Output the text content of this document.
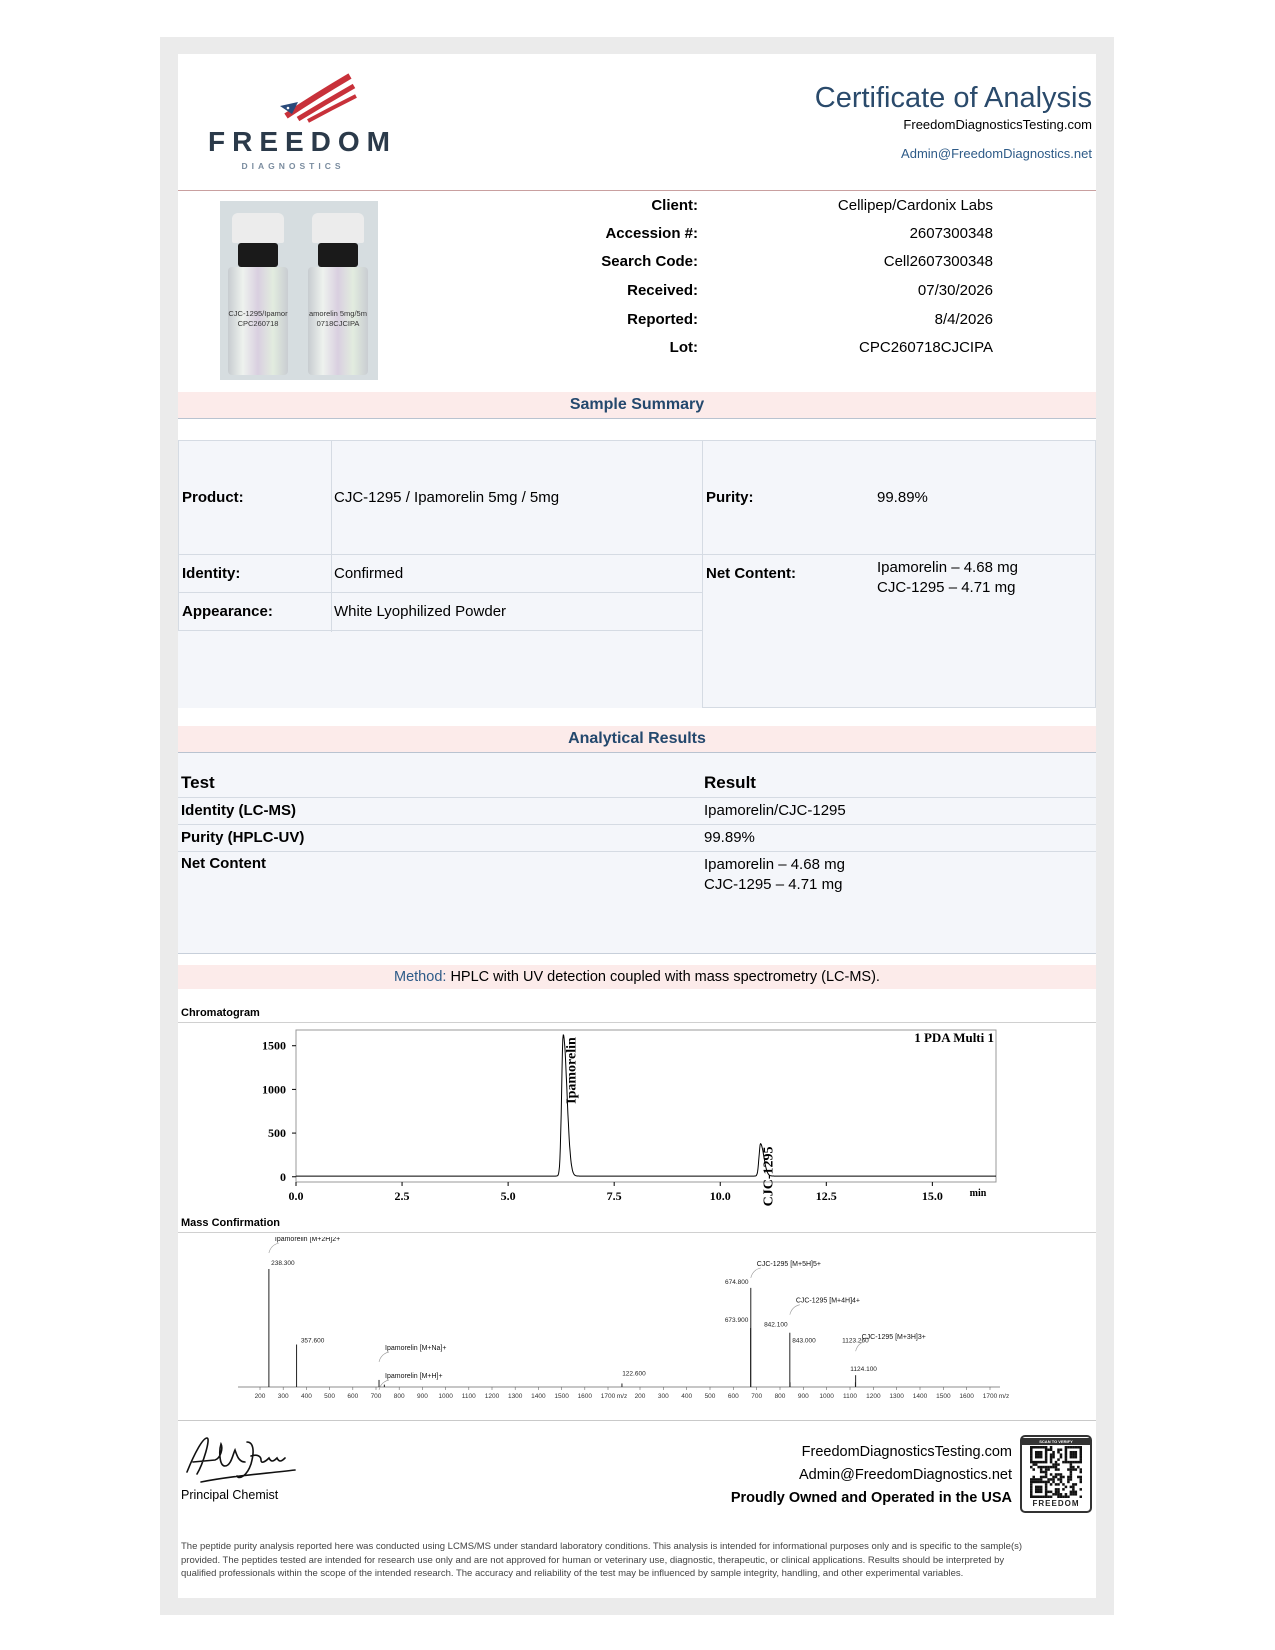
FREEDOM
DIAGNOSTICS
Certificate of Analysis
FreedomDiagnosticsTesting.com
Admin@FreedomDiagnostics.net
CJC-1295/Ipamor
CPC260718
amorelin 5mg/5m
0718CJCIPA
Client:	Cellipep/Cardonix Labs
Accession #:	2607300348
Search Code:	Cell2607300348
Received:	07/30/2026
Reported:	8/4/2026
Lot:	CPC260718CJCIPA
Sample Summary
Product:	CJC-1295 / Ipamorelin 5mg / 5mg	Purity:	99.89%
Identity:	Confirmed
Appearance:	White Lyophilized Powder
Net Content:	Ipamorelin – 4.68 mg
CJC-1295 – 4.71 mg
Analytical Results
Test	Result
Identity (LC-MS)	Ipamorelin/CJC-1295
Purity (HPLC-UV)	99.89%
Net Content	Ipamorelin – 4.68 mg
CJC-1295 – 4.71 mg
Method: HPLC with UV detection coupled with mass spectrometry (LC-MS).
Chromatogram
0
500
1000
1500
0.0	2.5	5.0	7.5	10.0	12.5	15.0
Ipamorelin
CJC-1295
1 PDA Multi 1
min
Mass Confirmation
200 300 400 500 600 700 800 900 1000 1100 1200 1300 1400 1500 1600 1700 m/z
238.300
357.600
Ipamorelin [M+2H]2+
Ipamorelin [M+Na]+
Ipamorelin [M+H]+
200 300 400 500 600 700 800 900 1000 1100 1200 1300 1400 1500 1600 1700 m/z
122.600
674.800
673.900
842.100
843.000	1123.260
1124.100
CJC-1295 [M+5H]5+
CJC-1295 [M+4H]4+
CJC-1295 [M+3H]3+
Principal Chemist
FreedomDiagnosticsTesting.com
Admin@FreedomDiagnostics.net
Proudly Owned and Operated in the USA
SCAN TO VERIFY
FREEDOM
The peptide purity analysis reported here was conducted using LCMS/MS under standard laboratory conditions. This analysis is intended for informational purposes only and is specific to the sample(s) provided. The peptides tested are intended for research use only and are not approved for human or veterinary use, diagnostic, therapeutic, or clinical applications. Results should be interpreted by qualified professionals within the scope of the intended research. The accuracy and reliability of the test may be influenced by sample integrity, handling, and other experimental variables.
